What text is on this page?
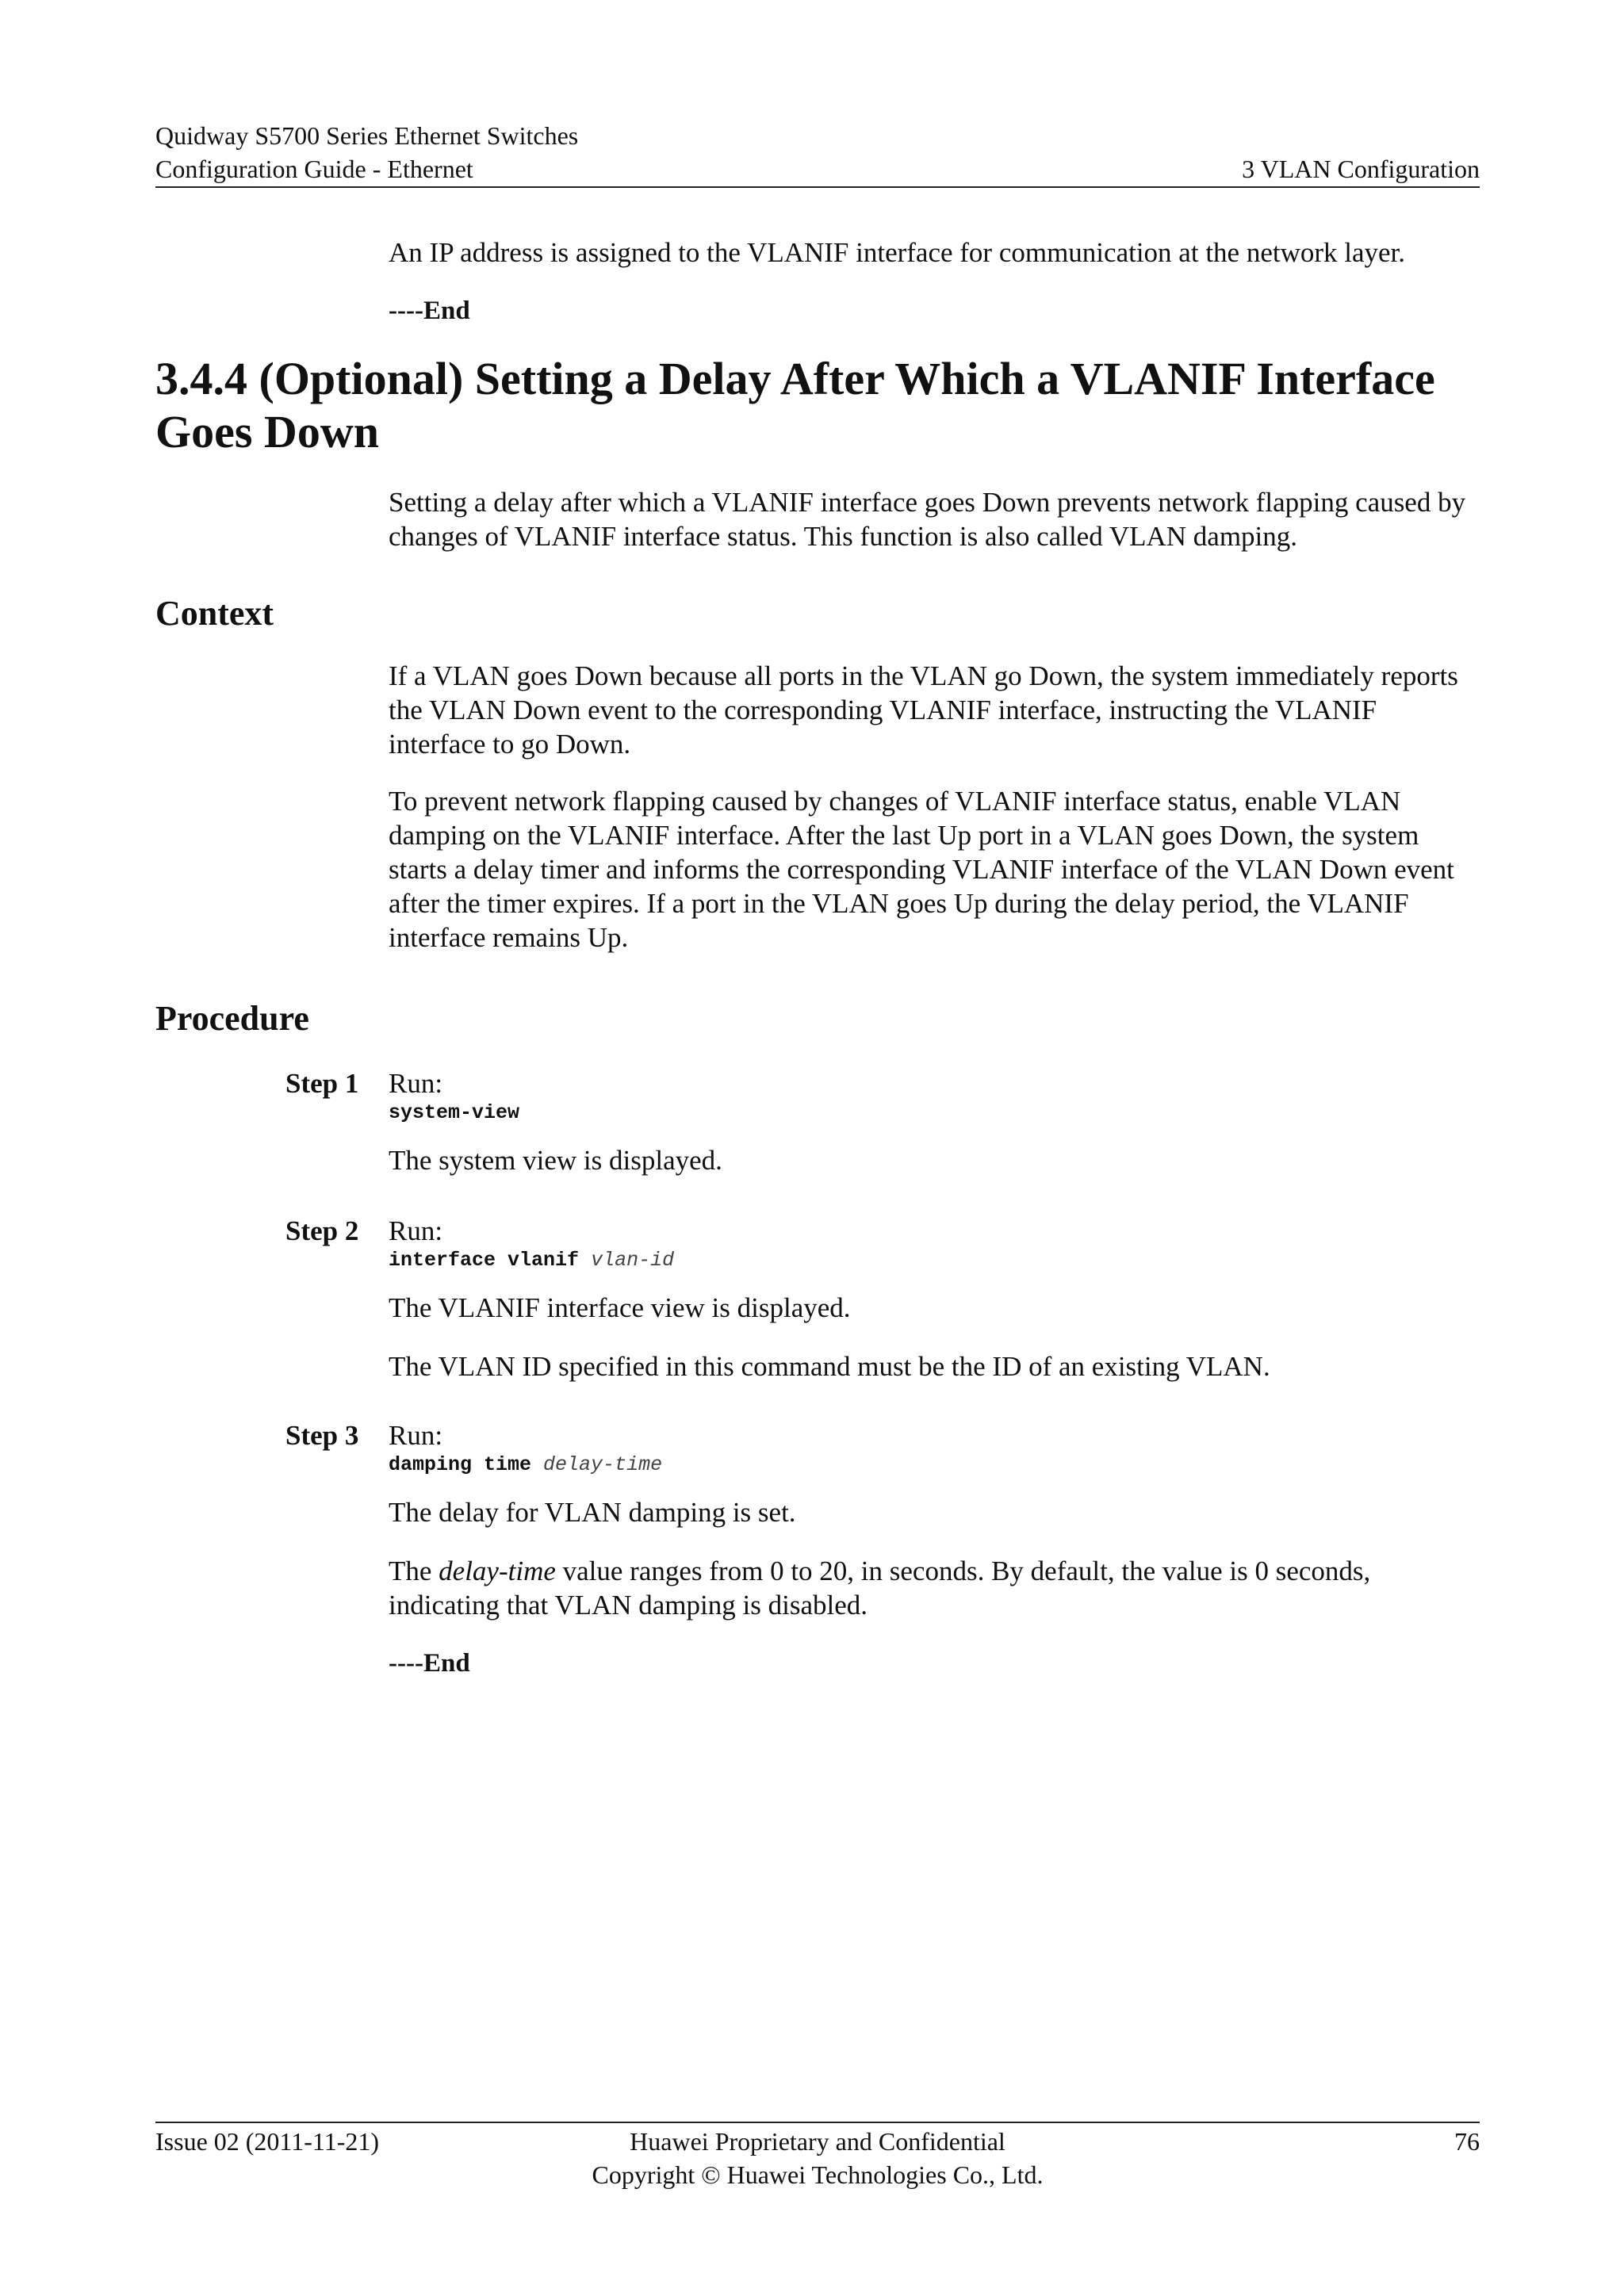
Quidway S5700 Series Ethernet Switches
Configuration Guide - Ethernet	3 VLAN Configuration

An IP address is assigned to the VLANIF interface for communication at the network layer.

----End

3.4.4 (Optional) Setting a Delay After Which a VLANIF Interface Goes Down

Setting a delay after which a VLANIF interface goes Down prevents network flapping caused by changes of VLANIF interface status. This function is also called VLAN damping.

Context

If a VLAN goes Down because all ports in the VLAN go Down, the system immediately reports the VLAN Down event to the corresponding VLANIF interface, instructing the VLANIF interface to go Down.

To prevent network flapping caused by changes of VLANIF interface status, enable VLAN damping on the VLANIF interface. After the last Up port in a VLAN goes Down, the system starts a delay timer and informs the corresponding VLANIF interface of the VLAN Down event after the timer expires. If a port in the VLAN goes Up during the delay period, the VLANIF interface remains Up.

Procedure
Step 1 Run:

system-view

The system view is displayed.

Step 2 Run:

interface vlanif vlan-id

The VLANIF interface view is displayed.

The VLAN ID specified in this command must be the ID of an existing VLAN.

Step 3 Run:

damping time delay-time

The delay for VLAN damping is set.

The delay-time value ranges from 0 to 20, in seconds. By default, the value is 0 seconds, indicating that VLAN damping is disabled.

----End

Issue 02 (2011-11-21)	Huawei Proprietary and Confidential
Copyright © Huawei Technologies Co., Ltd.
76
